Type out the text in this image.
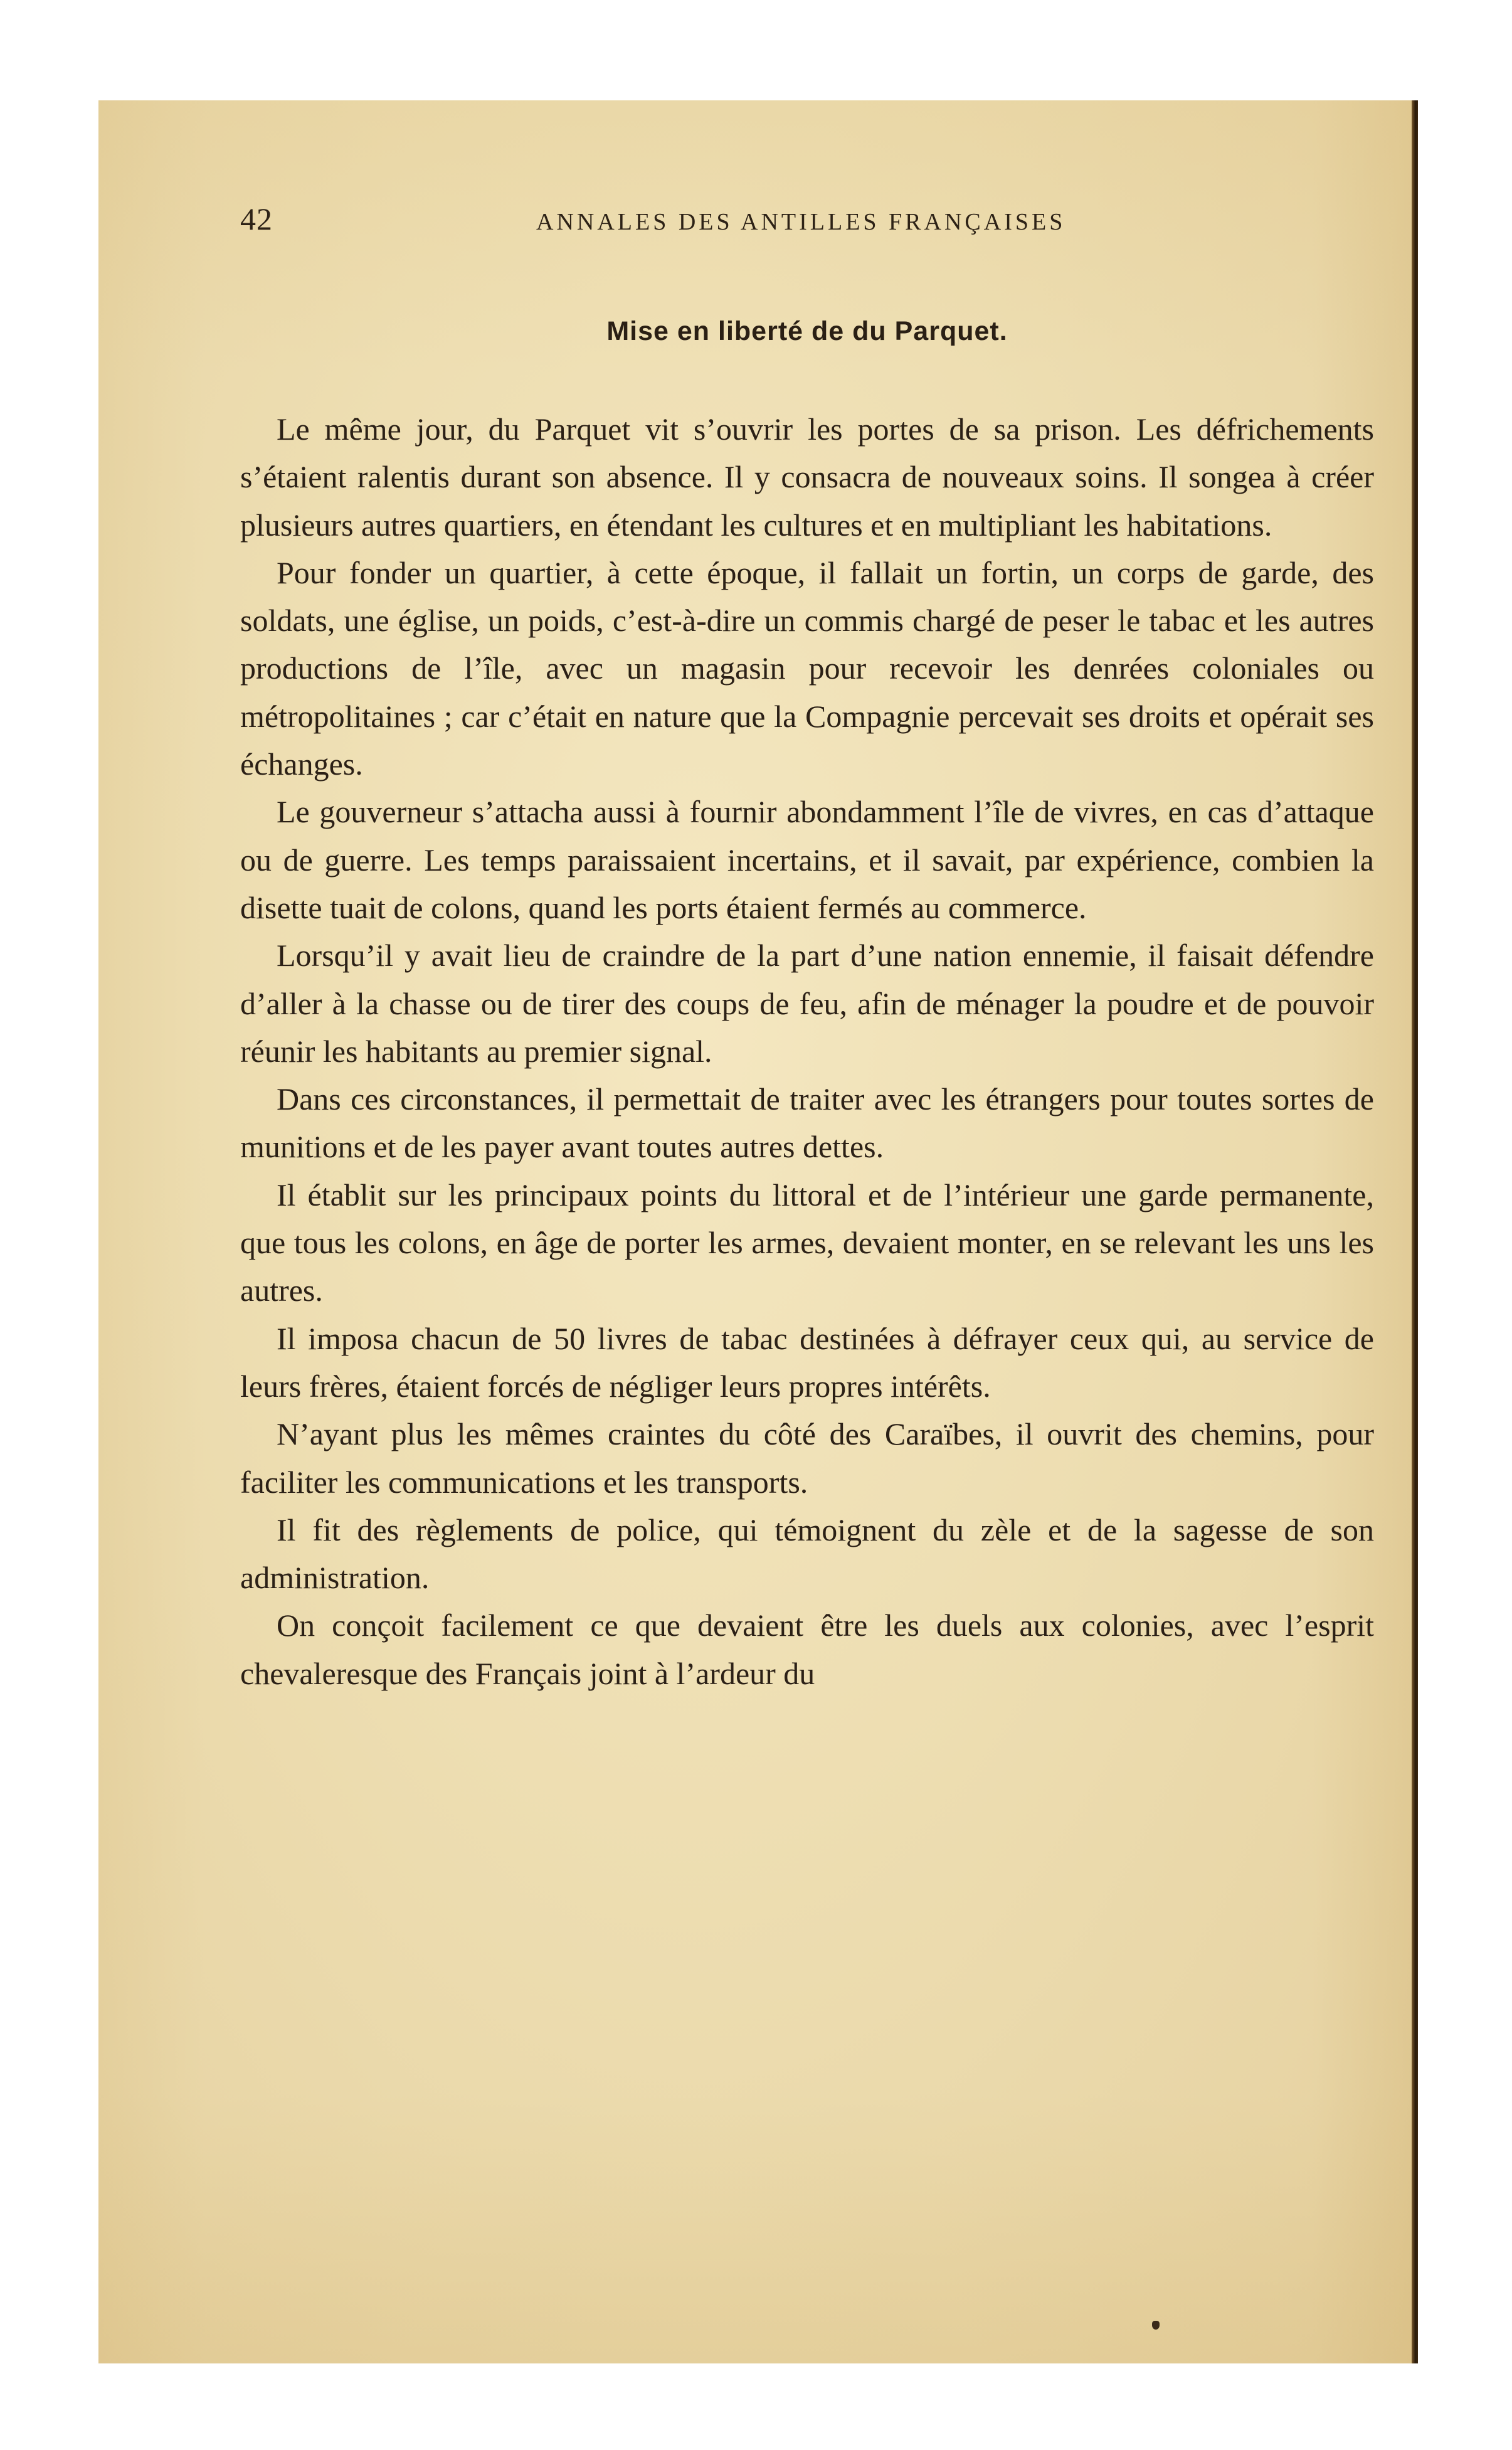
42	ANNALES DES ANTILLES FRANÇAISES
Mise en liberté de du Parquet.

Le même jour, du Parquet vit s’ouvrir les portes de sa prison. Les défrichements s’étaient ralentis durant son absence. Il y consacra de nouveaux soins. Il songea à créer plusieurs autres quartiers, en étendant les cultures et en multipliant les habitations.

Pour fonder un quartier, à cette époque, il fallait un fortin, un corps de garde, des soldats, une église, un poids, c’est-à-dire un commis chargé de peser le tabac et les autres productions de l’île, avec un magasin pour recevoir les denrées coloniales ou métropolitaines ; car c’était en nature que la Compagnie percevait ses droits et opérait ses échanges.

Le gouverneur s’attacha aussi à fournir abondamment l’île de vivres, en cas d’attaque ou de guerre. Les temps paraissaient incertains, et il savait, par expérience, combien la disette tuait de colons, quand les ports étaient fermés au commerce.

Lorsqu’il y avait lieu de craindre de la part d’une nation ennemie, il faisait défendre d’aller à la chasse ou de tirer des coups de feu, afin de ménager la poudre et de pouvoir réunir les habitants au premier signal.

Dans ces circonstances, il permettait de traiter avec les étrangers pour toutes sortes de munitions et de les payer avant toutes autres dettes.

Il établit sur les principaux points du littoral et de l’intérieur une garde permanente, que tous les colons, en âge de porter les armes, devaient monter, en se relevant les uns les autres.

Il imposa chacun de 50 livres de tabac destinées à défrayer ceux qui, au service de leurs frères, étaient forcés de négliger leurs propres intérêts.

N’ayant plus les mêmes craintes du côté des Caraïbes, il ouvrit des chemins, pour faciliter les communications et les transports.

Il fit des règlements de police, qui témoignent du zèle et de la sagesse de son administration.

On conçoit facilement ce que devaient être les duels aux colonies, avec l’esprit chevaleresque des Français joint à l’ardeur du
